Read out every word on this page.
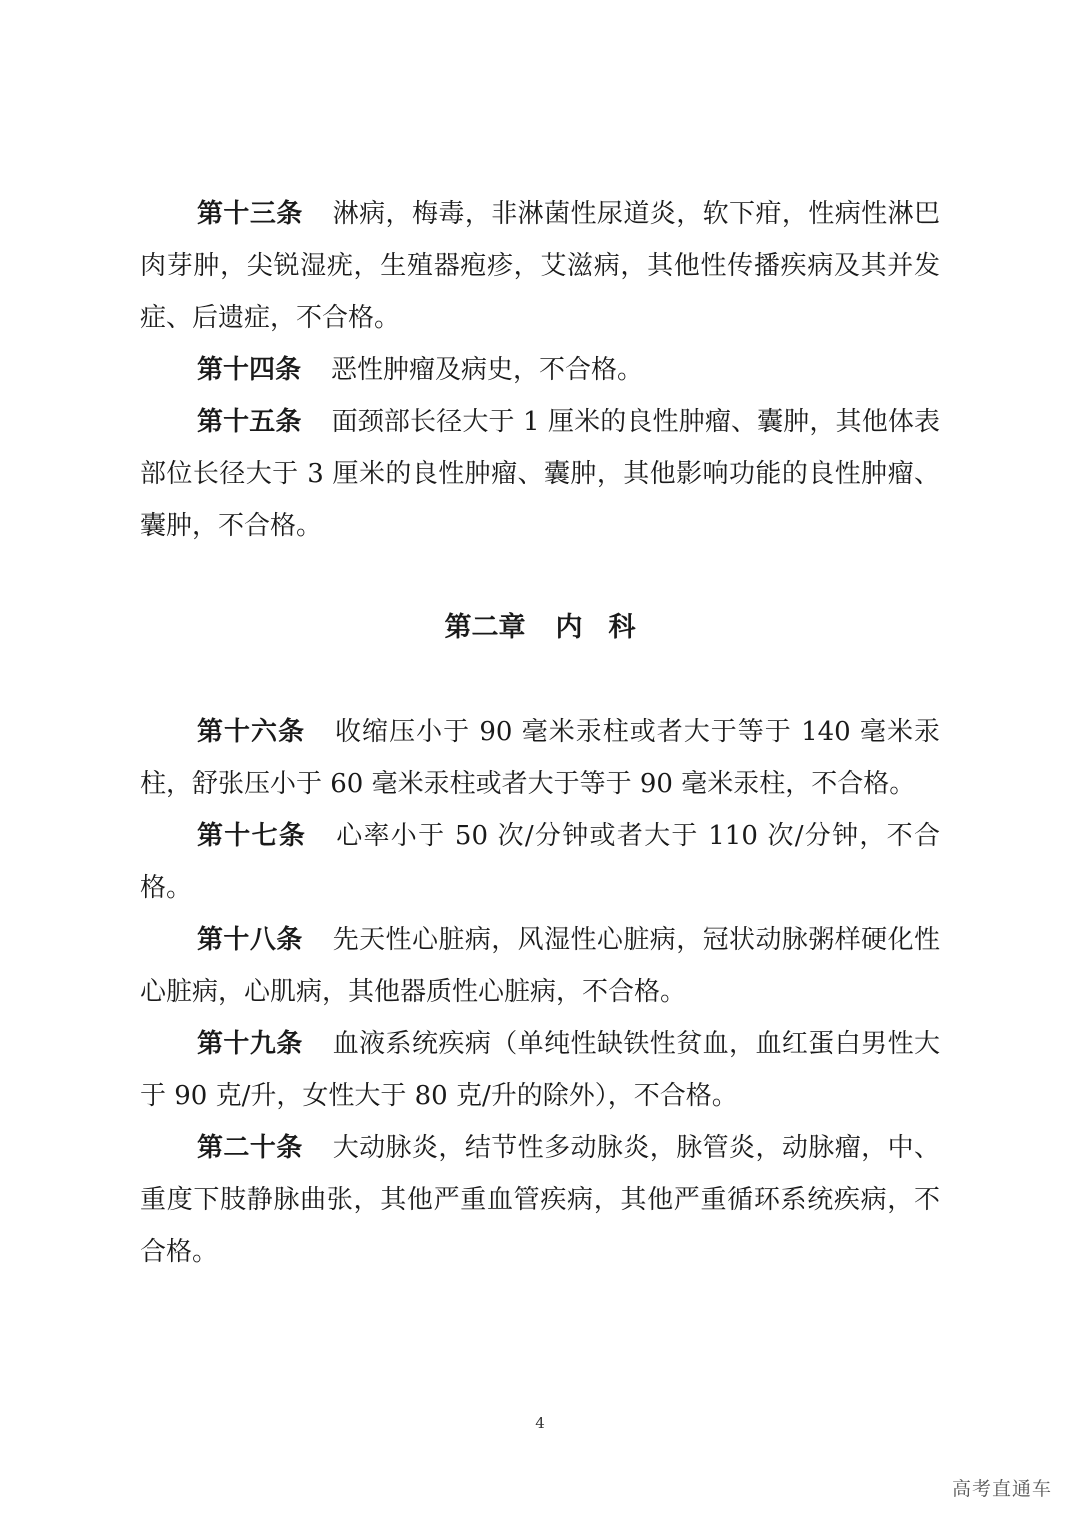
第十三条 淋病，梅毒，非淋菌性尿道炎，软下疳，性病性淋巴肉芽肿，尖锐湿疣，生殖器疱疹，艾滋病，其他性传播疾病及其并发症、后遗症，不合格。

第十四条 恶性肿瘤及病史，不合格。

第十五条 面颈部长径大于 1 厘米的良性肿瘤、囊肿，其他体表部位长径大于 3 厘米的良性肿瘤、囊肿，其他影响功能的良性肿瘤、囊肿，不合格。

第二章 内 科

第十六条 收缩压小于 90 毫米汞柱或者大于等于 140 毫米汞柱，舒张压小于 60 毫米汞柱或者大于等于 90 毫米汞柱，不合格。

第十七条 心率小于 50 次/分钟或者大于 110 次/分钟，不合格。

第十八条 先天性心脏病，风湿性心脏病，冠状动脉粥样硬化性心脏病，心肌病，其他器质性心脏病，不合格。

第十九条 血液系统疾病（单纯性缺铁性贫血，血红蛋白男性大于 90 克/升，女性大于 80 克/升的除外），不合格。

第二十条 大动脉炎，结节性多动脉炎，脉管炎，动脉瘤，中、重度下肢静脉曲张，其他严重血管疾病，其他严重循环系统疾病，不合格。

4
高考直通车
